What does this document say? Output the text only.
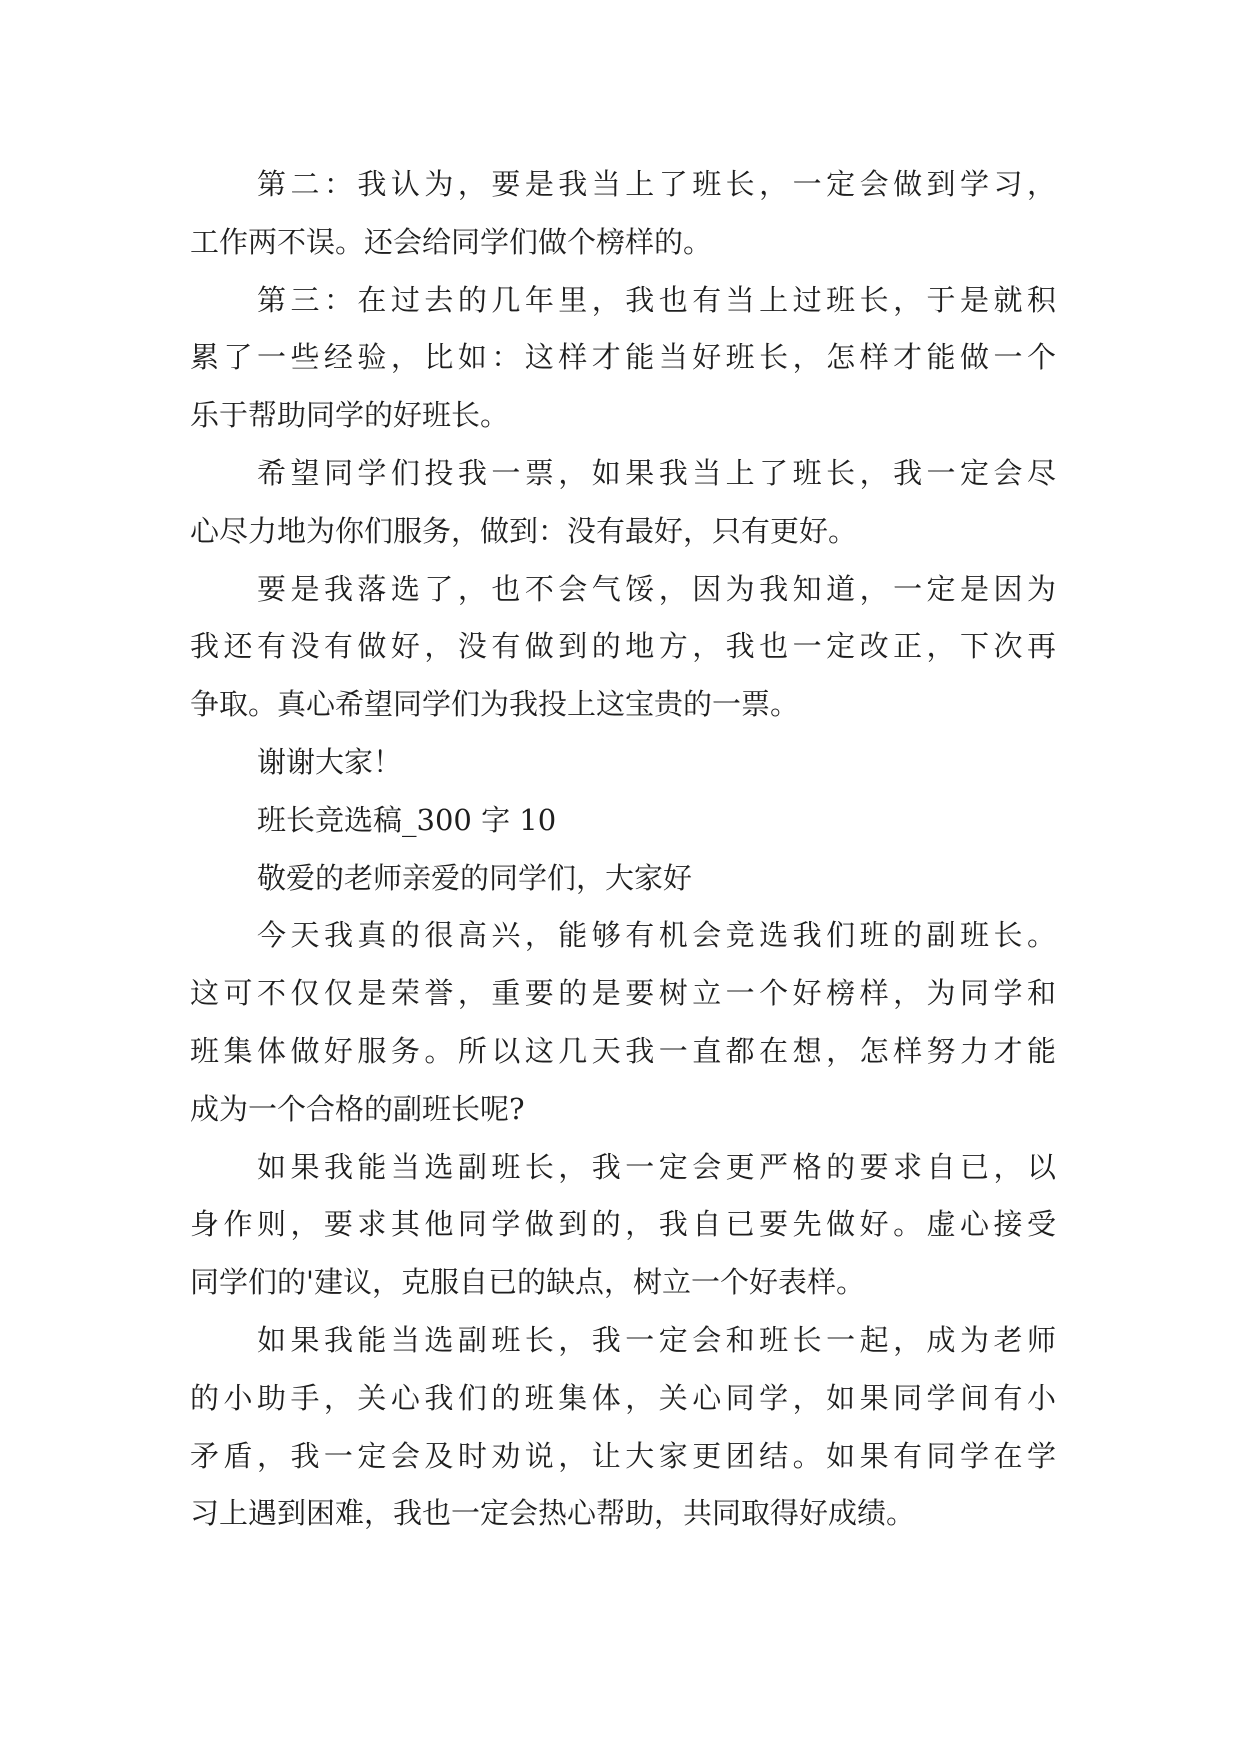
第二：我认为，要是我当上了班长，一定会做到学习，
工作两不误。还会给同学们做个榜样的。
第三：在过去的几年里，我也有当上过班长，于是就积
累了一些经验，比如：这样才能当好班长，怎样才能做一个
乐于帮助同学的好班长。
希望同学们投我一票，如果我当上了班长，我一定会尽
心尽力地为你们服务，做到：没有最好，只有更好。
要是我落选了，也不会气馁，因为我知道，一定是因为
我还有没有做好，没有做到的地方，我也一定改正，下次再
争取。真心希望同学们为我投上这宝贵的一票。
谢谢大家！
班长竞选稿_300 字 10
敬爱的老师亲爱的同学们，大家好
今天我真的很高兴，能够有机会竞选我们班的副班长。
这可不仅仅是荣誉，重要的是要树立一个好榜样，为同学和
班集体做好服务。所以这几天我一直都在想，怎样努力才能
成为一个合格的副班长呢?
如果我能当选副班长，我一定会更严格的要求自已，以
身作则，要求其他同学做到的，我自已要先做好。虚心接受
同学们的'建议，克服自已的缺点，树立一个好表样。
如果我能当选副班长，我一定会和班长一起，成为老师
的小助手，关心我们的班集体，关心同学，如果同学间有小
矛盾，我一定会及时劝说，让大家更团结。如果有同学在学
习上遇到困难，我也一定会热心帮助，共同取得好成绩。
